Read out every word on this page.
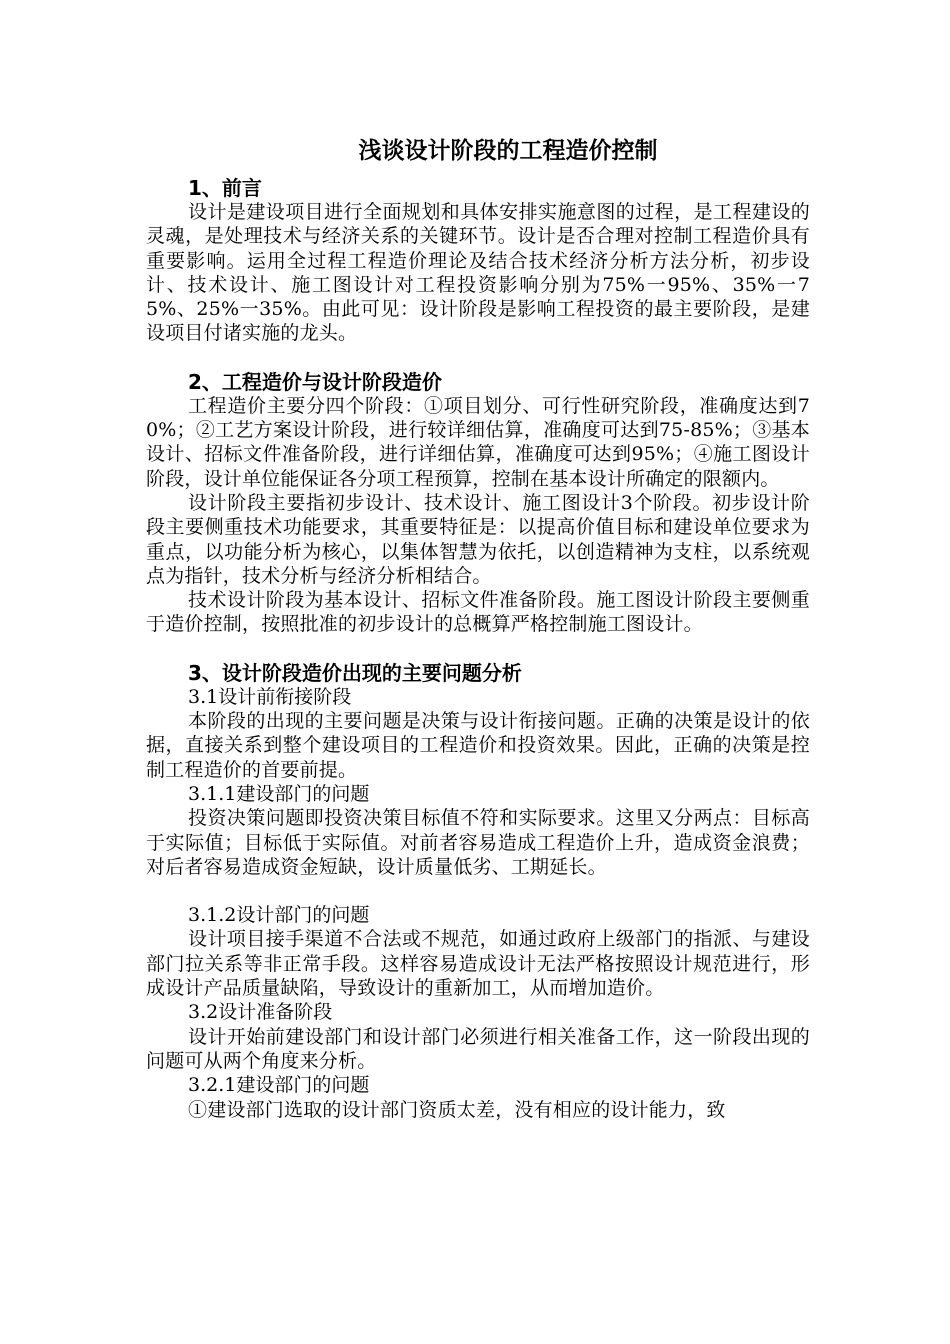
浅谈设计阶段的工程造价控制
1、前言

设计是建设项目进行全面规划和具体安排实施意图的过程，是工程建设的灵魂，是处理技术与经济关系的关键环节。设计是否合理对控制工程造价具有重要影响。运用全过程工程造价理论及结合技术经济分析方法分析，初步设计、技术设计、施工图设计对工程投资影响分别为75%一95%、35%一75%、25%一35%。由此可见：设计阶段是影响工程投资的最主要阶段，是建设项目付诸实施的龙头。

2、工程造价与设计阶段造价

工程造价主要分四个阶段：①项目划分、可行性研究阶段，准确度达到70%；②工艺方案设计阶段，进行较详细估算，准确度可达到75-85%；③基本设计、招标文件准备阶段，进行详细估算，准确度可达到95%；④施工图设计阶段，设计单位能保证各分项工程预算，控制在基本设计所确定的限额内。

设计阶段主要指初步设计、技术设计、施工图设计3个阶段。初步设计阶段主要侧重技术功能要求，其重要特征是：以提高价值目标和建设单位要求为重点，以功能分析为核心，以集体智慧为依托，以创造精神为支柱，以系统观点为指针，技术分析与经济分析相结合。

技术设计阶段为基本设计、招标文件准备阶段。施工图设计阶段主要侧重于造价控制，按照批准的初步设计的总概算严格控制施工图设计。

3、设计阶段造价出现的主要问题分析
3.1设计前衔接阶段

本阶段的出现的主要问题是决策与设计衔接问题。正确的决策是设计的依据，直接关系到整个建设项目的工程造价和投资效果。因此，正确的决策是控制工程造价的首要前提。

3.1.1建设部门的问题

投资决策问题即投资决策目标值不符和实际要求。这里又分两点：目标高于实际值；目标低于实际值。对前者容易造成工程造价上升，造成资金浪费；对后者容易造成资金短缺，设计质量低劣、工期延长。

3.1.2设计部门的问题

设计项目接手渠道不合法或不规范，如通过政府上级部门的指派、与建设部门拉关系等非正常手段。这样容易造成设计无法严格按照设计规范进行，形成设计产品质量缺陷，导致设计的重新加工，从而增加造价。

3.2设计准备阶段

设计开始前建设部门和设计部门必须进行相关准备工作，这一阶段出现的问题可从两个角度来分析。

3.2.1建设部门的问题

①建设部门选取的设计部门资质太差，没有相应的设计能力，致
